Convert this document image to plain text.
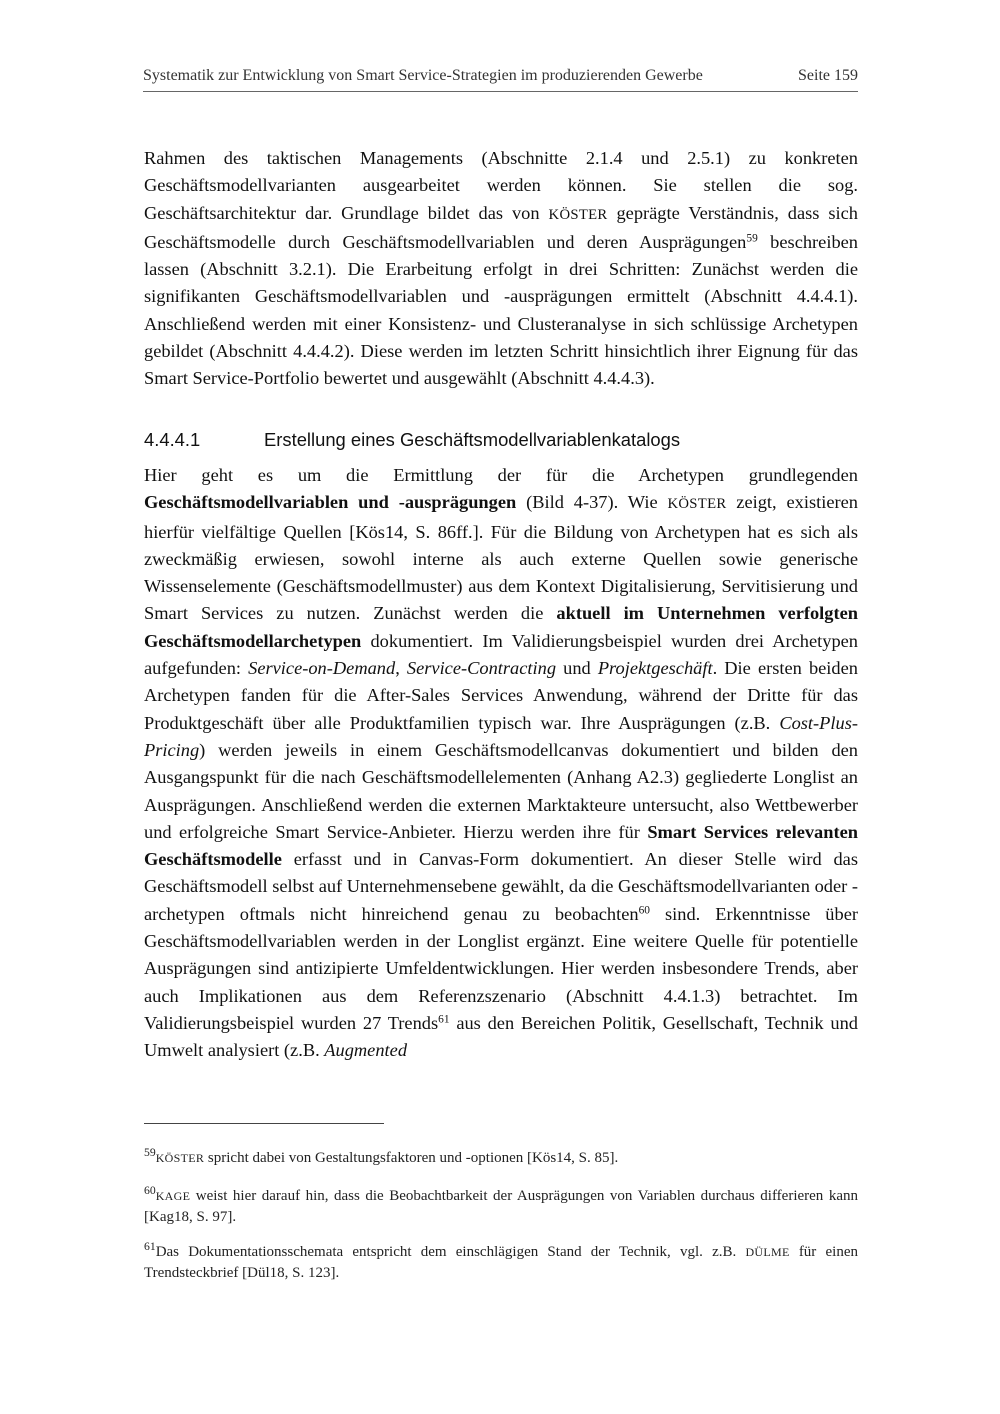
Systematik zur Entwicklung von Smart Service-Strategien im produzierenden Gewerbe	Seite 159

Rahmen des taktischen Managements (Abschnitte 2.1.4 und 2.5.1) zu konkreten Geschäftsmodellvarianten ausgearbeitet werden können. Sie stellen die sog. Geschäftsarchitektur dar. Grundlage bildet das von KÖSTER geprägte Verständnis, dass sich Geschäftsmodelle durch Geschäftsmodellvariablen und deren Ausprägungen$^{59}$ beschreiben lassen (Abschnitt 3.2.1). Die Erarbeitung erfolgt in drei Schritten: Zunächst werden die signifikanten Geschäftsmodellvariablen und -ausprägungen ermittelt (Abschnitt 4.4.4.1). Anschließend werden mit einer Konsistenz- und Clusteranalyse in sich schlüssige Archetypen gebildet (Abschnitt 4.4.4.2). Diese werden im letzten Schritt hinsichtlich ihrer Eignung für das Smart Service-Portfolio bewertet und ausgewählt (Abschnitt 4.4.4.3).

4.4.4.1	Erstellung eines Geschäftsmodellvariablenkatalogs

Hier geht es um die Ermittlung der für die Archetypen grundlegenden Geschäftsmodellvariablen und -ausprägungen (Bild 4-37). Wie KÖSTER zeigt, existieren hierfür vielfältige Quellen [Kös14, S. 86ff.]. Für die Bildung von Archetypen hat es sich als zweckmäßig erwiesen, sowohl interne als auch externe Quellen sowie generische Wissenselemente (Geschäftsmodellmuster) aus dem Kontext Digitalisierung, Servitisierung und Smart Services zu nutzen. Zunächst werden die aktuell im Unternehmen verfolgten Geschäftsmodellarchetypen dokumentiert. Im Validierungsbeispiel wurden drei Archetypen aufgefunden: Service-on-Demand, Service-Contracting und Projektgeschäft. Die ersten beiden Archetypen fanden für die After-Sales Services Anwendung, während der Dritte für das Produktgeschäft über alle Produktfamilien typisch war. Ihre Ausprägungen (z.B. Cost-Plus-Pricing) werden jeweils in einem Geschäftsmodellcanvas dokumentiert und bilden den Ausgangspunkt für die nach Geschäftsmodellelementen (Anhang A2.3) gegliederte Longlist an Ausprägungen. Anschließend werden die externen Marktakteure untersucht, also Wettbewerber und erfolgreiche Smart Service-Anbieter. Hierzu werden ihre für Smart Services relevanten Geschäftsmodelle erfasst und in Canvas-Form dokumentiert. An dieser Stelle wird das Geschäftsmodell selbst auf Unternehmensebene gewählt, da die Geschäftsmodellvarianten oder -archetypen oftmals nicht hinreichend genau zu beobachten$^{60}$ sind. Erkenntnisse über Geschäftsmodellvariablen werden in der Longlist ergänzt. Eine weitere Quelle für potentielle Ausprägungen sind antizipierte Umfeldentwicklungen. Hier werden insbesondere Trends, aber auch Implikationen aus dem Referenzszenario (Abschnitt 4.4.1.3) betrachtet. Im Validierungsbeispiel wurden 27 Trends$^{61}$ aus den Bereichen Politik, Gesellschaft, Technik und Umwelt analysiert (z.B. Augmented

$^{59}$KÖSTER spricht dabei von Gestaltungsfaktoren und -optionen [Kös14, S. 85].

$^{60}$KAGE weist hier darauf hin, dass die Beobachtbarkeit der Ausprägungen von Variablen durchaus differieren kann [Kag18, S. 97].

$^{61}$Das Dokumentationsschemata entspricht dem einschlägigen Stand der Technik, vgl. z.B. DÜLME für einen Trendsteckbrief [Dül18, S. 123].
